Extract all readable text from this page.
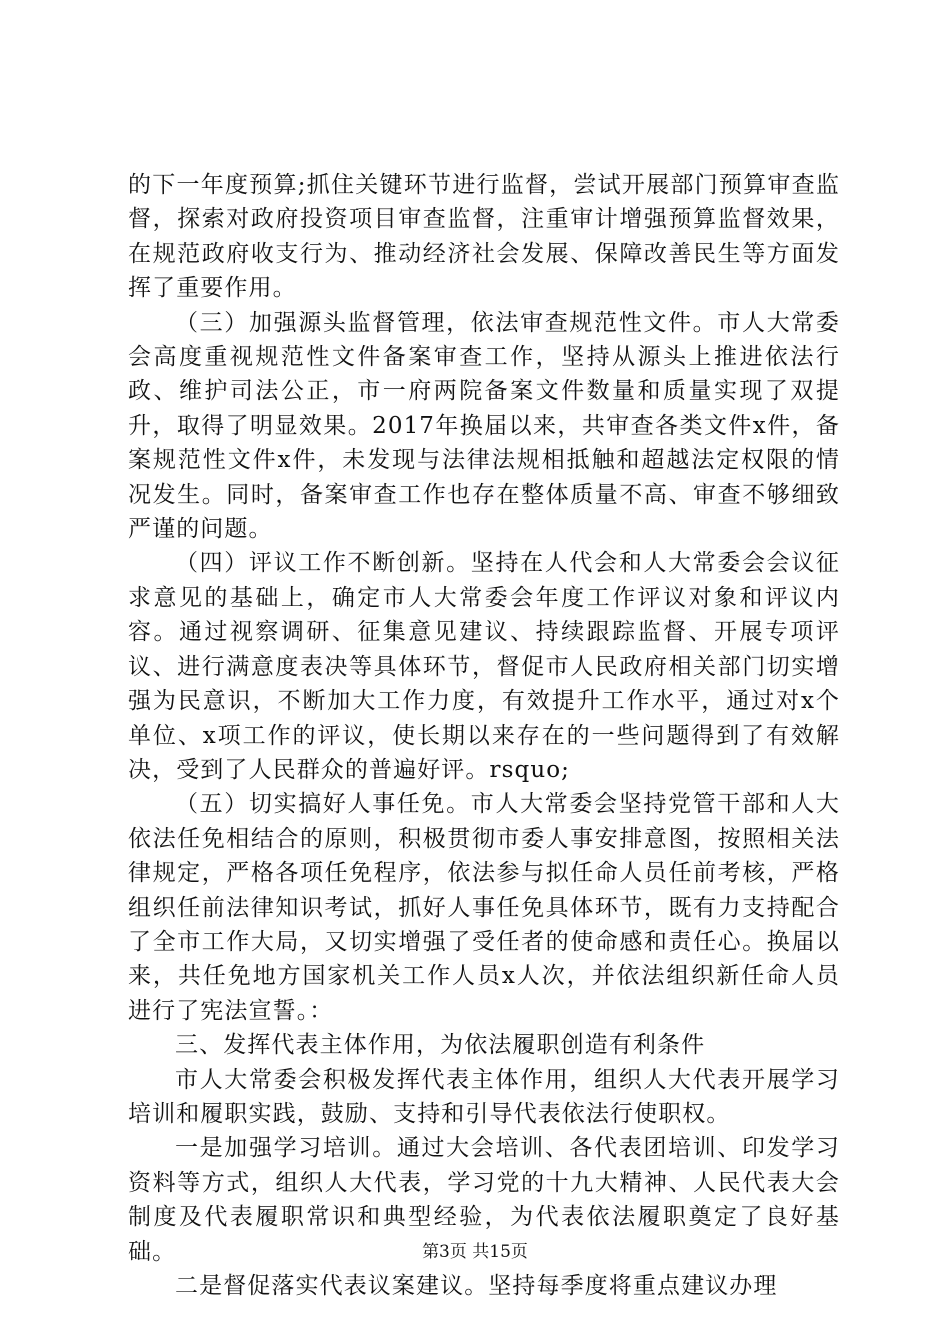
的下一年度预算;抓住关键环节进行监督，尝试开展部门预算审查监督，探索对政府投资项目审查监督，注重审计增强预算监督效果，在规范政府收支行为、推动经济社会发展、保障改善民生等方面发挥了重要作用。

（三）加强源头监督管理，依法审查规范性文件。市人大常委会高度重视规范性文件备案审查工作，坚持从源头上推进依法行政、维护司法公正，市一府两院备案文件数量和质量实现了双提升，取得了明显效果。2017年换届以来，共审查各类文件x件，备案规范性文件x件，未发现与法律法规相抵触和超越法定权限的情况发生。同时，备案审查工作也存在整体质量不高、审查不够细致严谨的问题。

（四）评议工作不断创新。坚持在人代会和人大常委会会议征求意见的基础上，确定市人大常委会年度工作评议对象和评议内容。通过视察调研、征集意见建议、持续跟踪监督、开展专项评议、进行满意度表决等具体环节，督促市人民政府相关部门切实增强为民意识，不断加大工作力度，有效提升工作水平，通过对x个单位、x项工作的评议，使长期以来存在的一些问题得到了有效解决，受到了人民群众的普遍好评。rsquo;

（五）切实搞好人事任免。市人大常委会坚持党管干部和人大依法任免相结合的原则，积极贯彻市委人事安排意图，按照相关法律规定，严格各项任免程序，依法参与拟任命人员任前考核，严格组织任前法律知识考试，抓好人事任免具体环节，既有力支持配合了全市工作大局，又切实增强了受任者的使命感和责任心。换届以来，共任免地方国家机关工作人员x人次，并依法组织新任命人员进行了宪法宣誓。：

三、发挥代表主体作用，为依法履职创造有利条件

市人大常委会积极发挥代表主体作用，组织人大代表开展学习培训和履职实践，鼓励、支持和引导代表依法行使职权。

一是加强学习培训。通过大会培训、各代表团培训、印发学习资料等方式，组织人大代表，学习党的十九大精神、人民代表大会制度及代表履职常识和典型经验，为代表依法履职奠定了良好基础。

二是督促落实代表议案建议。坚持每季度将重点建议办理

第3页 共15页
